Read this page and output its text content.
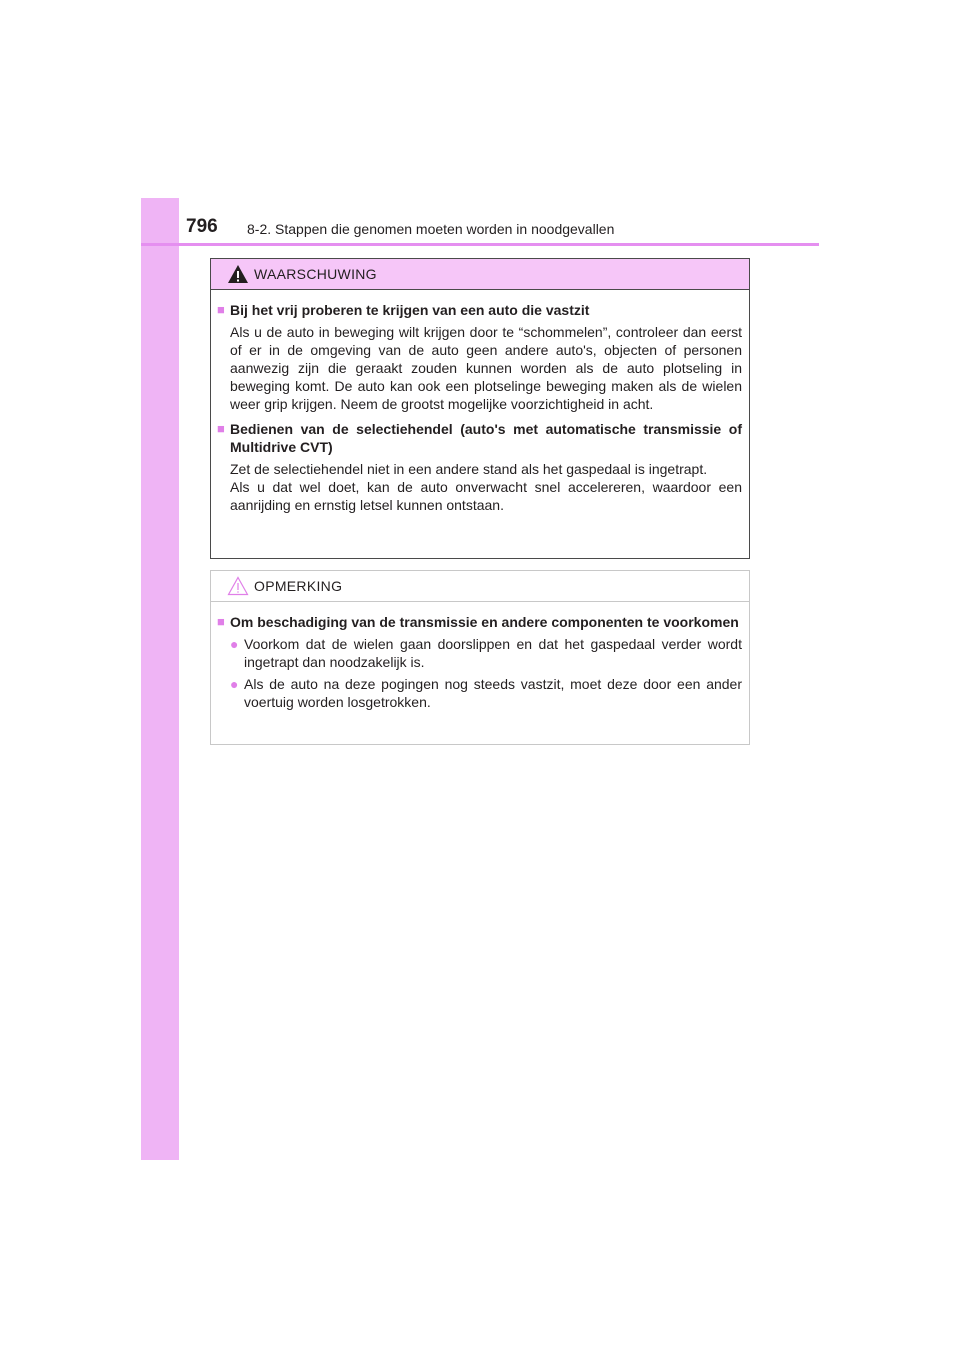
796 8-2. Stappen die genomen moeten worden in noodgevallen
WAARSCHUWING
■ Bij het vrij proberen te krijgen van een auto die vastzit
Als u de auto in beweging wilt krijgen door te “schommelen”, controleer dan eerst of er in de omgeving van de auto geen andere auto's, objecten of personen aanwezig zijn die geraakt zouden kunnen worden als de auto plotseling in beweging komt. De auto kan ook een plotselinge beweging maken als de wielen weer grip krijgen. Neem de grootst mogelijke voorzichtigheid in acht.
■ Bedienen van de selectiehendel (auto's met automatische transmissie of Multidrive CVT)
Zet de selectiehendel niet in een andere stand als het gaspedaal is ingetrapt.
Als u dat wel doet, kan de auto onverwacht snel accelereren, waardoor een aanrijding en ernstig letsel kunnen ontstaan.
OPMERKING
■ Om beschadiging van de transmissie en andere componenten te voorkomen
● Voorkom dat de wielen gaan doorslippen en dat het gaspedaal verder wordt ingetrapt dan noodzakelijk is.
● Als de auto na deze pogingen nog steeds vastzit, moet deze door een ander voertuig worden losgetrokken.
